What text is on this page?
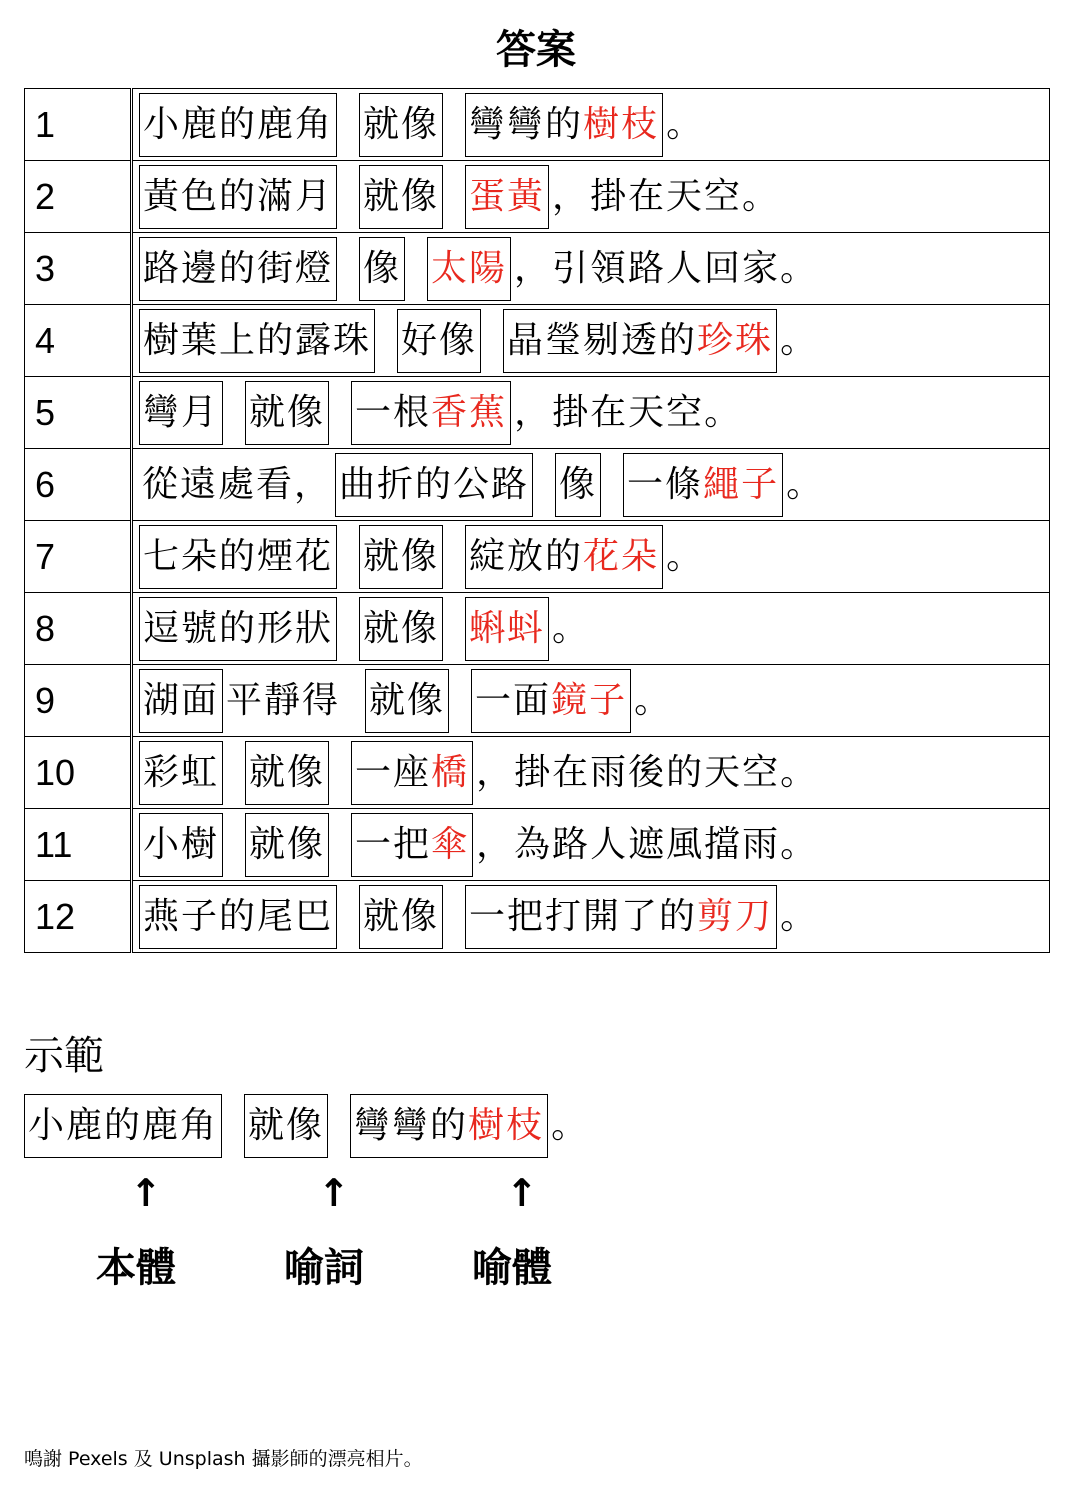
答案
1	小鹿的鹿角 就像 彎彎的樹枝 。
2	黃色的滿月 就像 蛋黃 ，掛在天空。
3	路邊的街燈 像 太陽 ，引領路人回家。
4	樹葉上的露珠 好像 晶瑩剔透的珍珠 。
5	彎月 就像 一根香蕉 ，掛在天空。
6	從遠處看， 曲折的公路 像 一條繩子 。
7	七朵的煙花 就像 綻放的花朵 。
8	逗號的形狀 就像 蝌蚪 。
9	湖面 平靜得 就像 一面鏡子 。
10	彩虹 就像 一座橋 ，掛在雨後的天空。
11	小樹 就像 一把傘 ，為路人遮風擋雨。
12	燕子的尾巴 就像 一把打開了的剪刀 。
示範
小鹿的鹿角 就像 彎彎的樹枝 。
↑	↑	↑
本體	喻詞	喻體
鳴謝 Pexels 及 Unsplash 攝影師的漂亮相片。
